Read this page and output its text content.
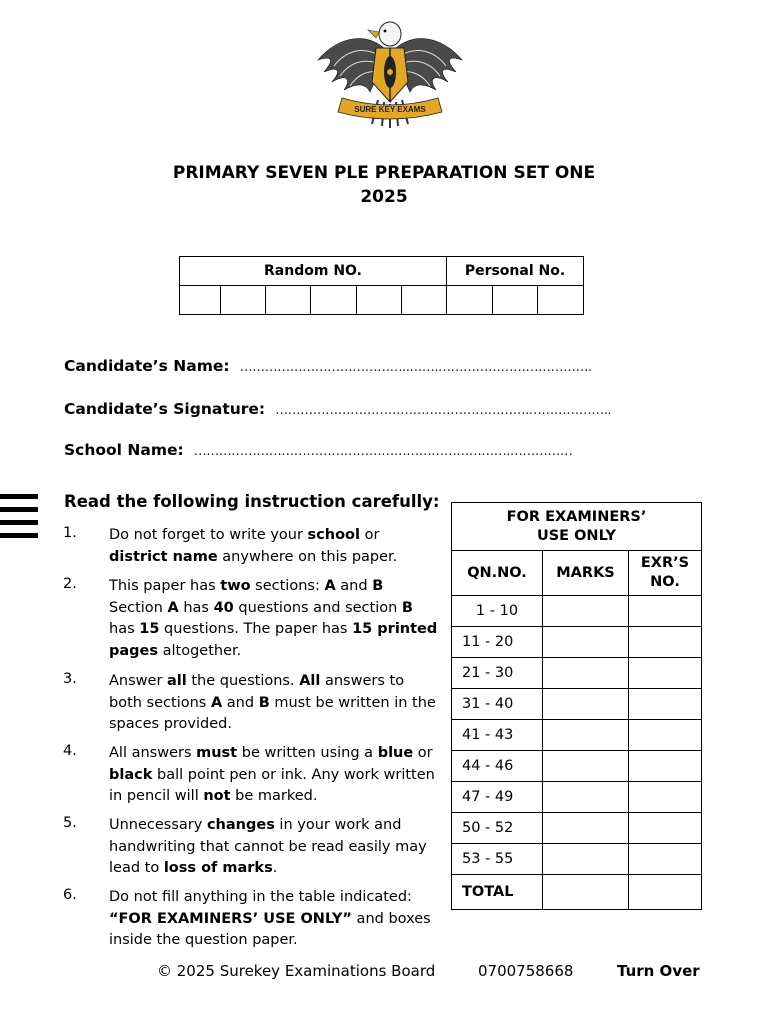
SURE KEY EXAMS
PRIMARY SEVEN PLE PREPARATION SET ONE
2025
Random NO.						Personal No.		

Candidate’s Name: …………………………………..…….……………………………….
Candidate’s Signature: …………………………………………………….………………..
School Name: ………………………………………………………………….……………
Read the following instruction carefully:
1. Do not forget to write your school or district name anywhere on this paper.
2. This paper has two sections: A and B Section A has 40 questions and section B has 15 questions. The paper has 15 printed pages altogether.
3. Answer all the questions. All answers to both sections A and B must be written in the spaces provided.
4. All answers must be written using a blue or black ball point pen or ink. Any work written in pencil will not be marked.
5. Unnecessary changes in your work and handwriting that cannot be read easily may lead to loss of marks.
6. Do not fill anything in the table indicated: “FOR EXAMINERS’ USE ONLY” and boxes inside the question paper.
FOR EXAMINERS’
USE ONLY		

QN.NO.	MARKS	EXR’S
NO.

1 - 10		
11 - 20		
21 - 30		
31 - 40		
41 - 43		
44 - 46		
47 - 49		
50 - 52		
53 - 55		
TOTAL		
© 2025 Surekey Examinations Board	0700758668	Turn Over
